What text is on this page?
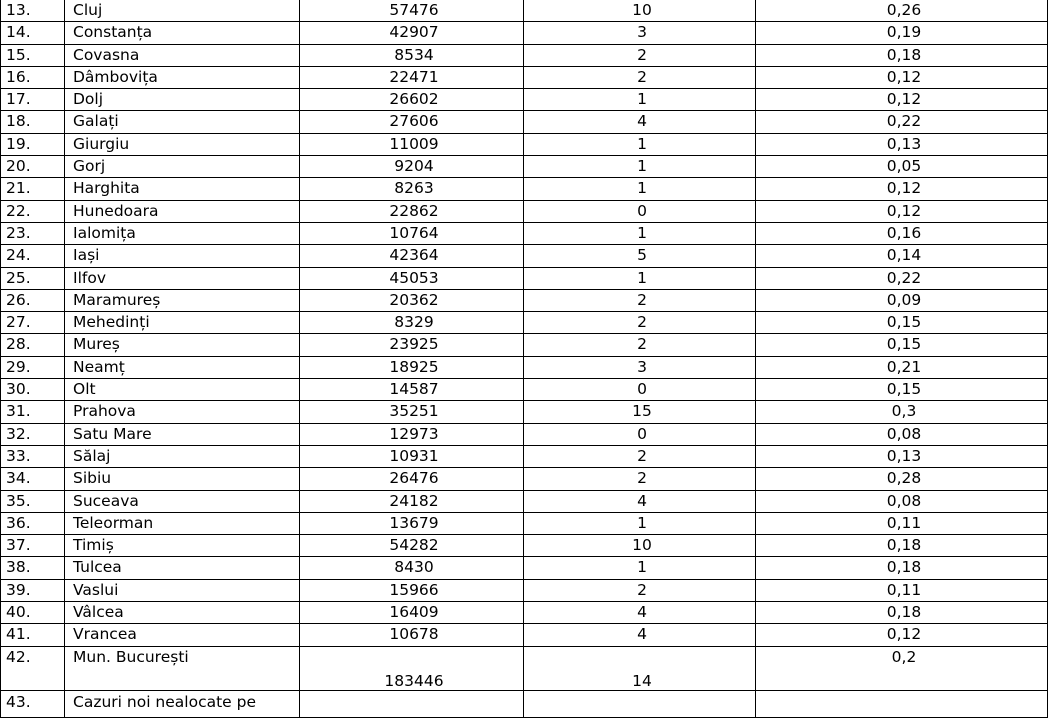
13.	Cluj	57476	10	0,26
14.	Constanța	42907	3	0,19
15.	Covasna	8534	2	0,18
16.	Dâmbovița	22471	2	0,12
17.	Dolj	26602	1	0,12
18.	Galați	27606	4	0,22
19.	Giurgiu	11009	1	0,13
20.	Gorj	9204	1	0,05
21.	Harghita	8263	1	0,12
22.	Hunedoara	22862	0	0,12
23.	Ialomița	10764	1	0,16
24.	Iași	42364	5	0,14
25.	Ilfov	45053	1	0,22
26.	Maramureș	20362	2	0,09
27.	Mehedinți	8329	2	0,15
28.	Mureș	23925	2	0,15
29.	Neamț	18925	3	0,21
30.	Olt	14587	0	0,15
31.	Prahova	35251	15	0,3
32.	Satu Mare	12973	0	0,08
33.	Sălaj	10931	2	0,13
34.	Sibiu	26476	2	0,28
35.	Suceava	24182	4	0,08
36.	Teleorman	13679	1	0,11
37.	Timiș	54282	10	0,18
38.	Tulcea	8430	1	0,18
39.	Vaslui	15966	2	0,11
40.	Vâlcea	16409	4	0,18
41.	Vrancea	10678	4	0,12
42.	Mun. București	183446	14	0,2
43.	Cazuri noi nealocate pe			
